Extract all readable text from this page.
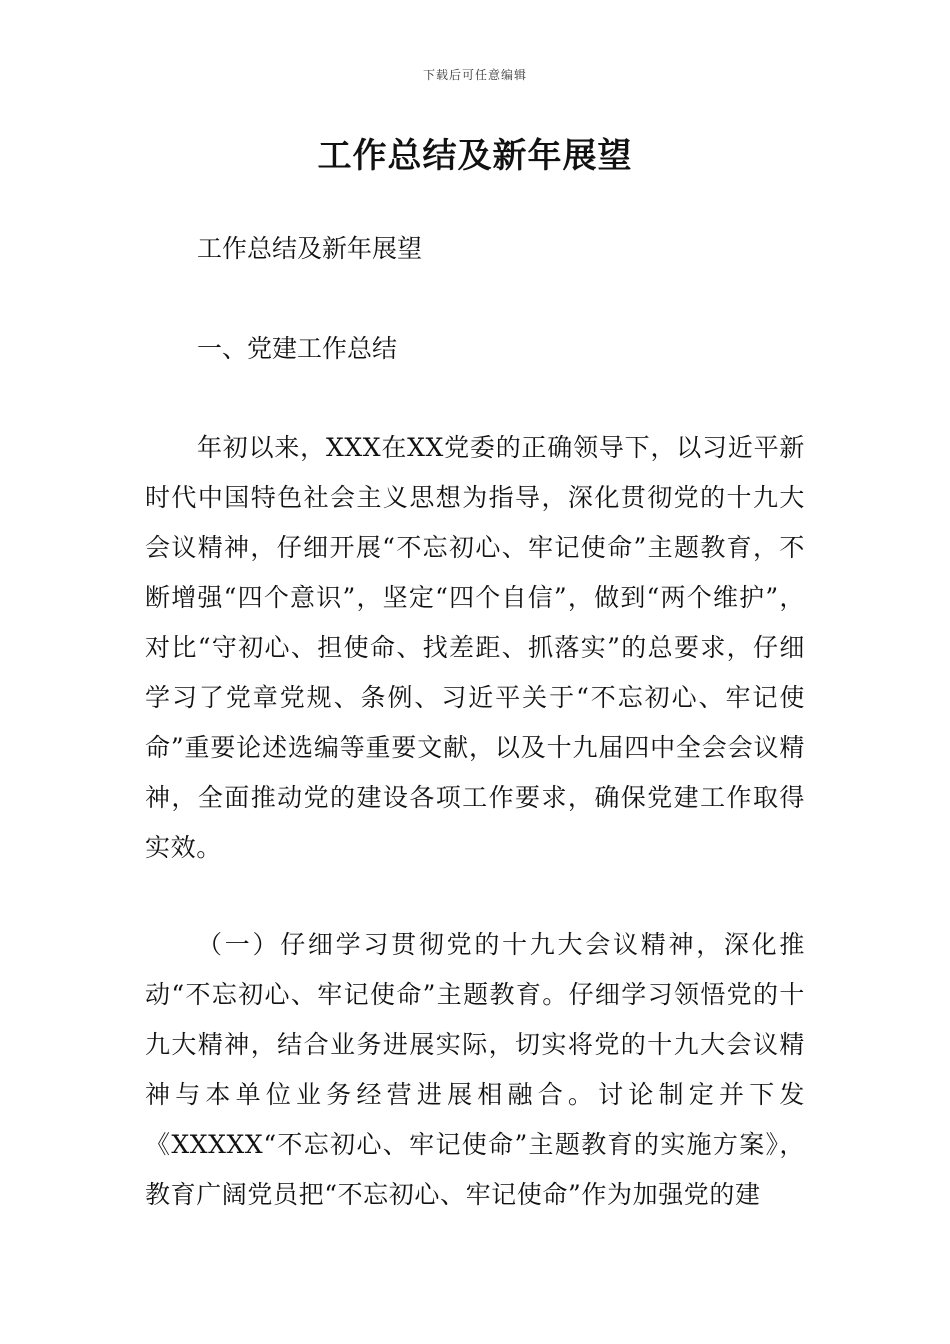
下载后可任意编辑
工作总结及新年展望
工作总结及新年展望
一、党建工作总结

年初以来，XXX在XX党委的正确领导下，以习近平新时代中国特色社会主义思想为指导，深化贯彻党的十九大会议精神，仔细开展“不忘初心、牢记使命”主题教育，不断增强“四个意识”，坚定“四个自信”，做到“两个维护”，对比“守初心、担使命、找差距、抓落实”的总要求，仔细学习了党章党规、条例、习近平关于“不忘初心、牢记使命”重要论述选编等重要文献，以及十九届四中全会会议精神，全面推动党的建设各项工作要求，确保党建工作取得实效。

（一）仔细学习贯彻党的十九大会议精神，深化推动“不忘初心、牢记使命”主题教育。仔细学习领悟党的十九大精神，结合业务进展实际，切实将党的十九大会议精神与本单位业务经营进展相融合。讨论制定并下发《XXXXX“不忘初心、牢记使命”主题教育的实施方案》，教育广阔党员把“不忘初心、牢记使命”作为加强党的建
